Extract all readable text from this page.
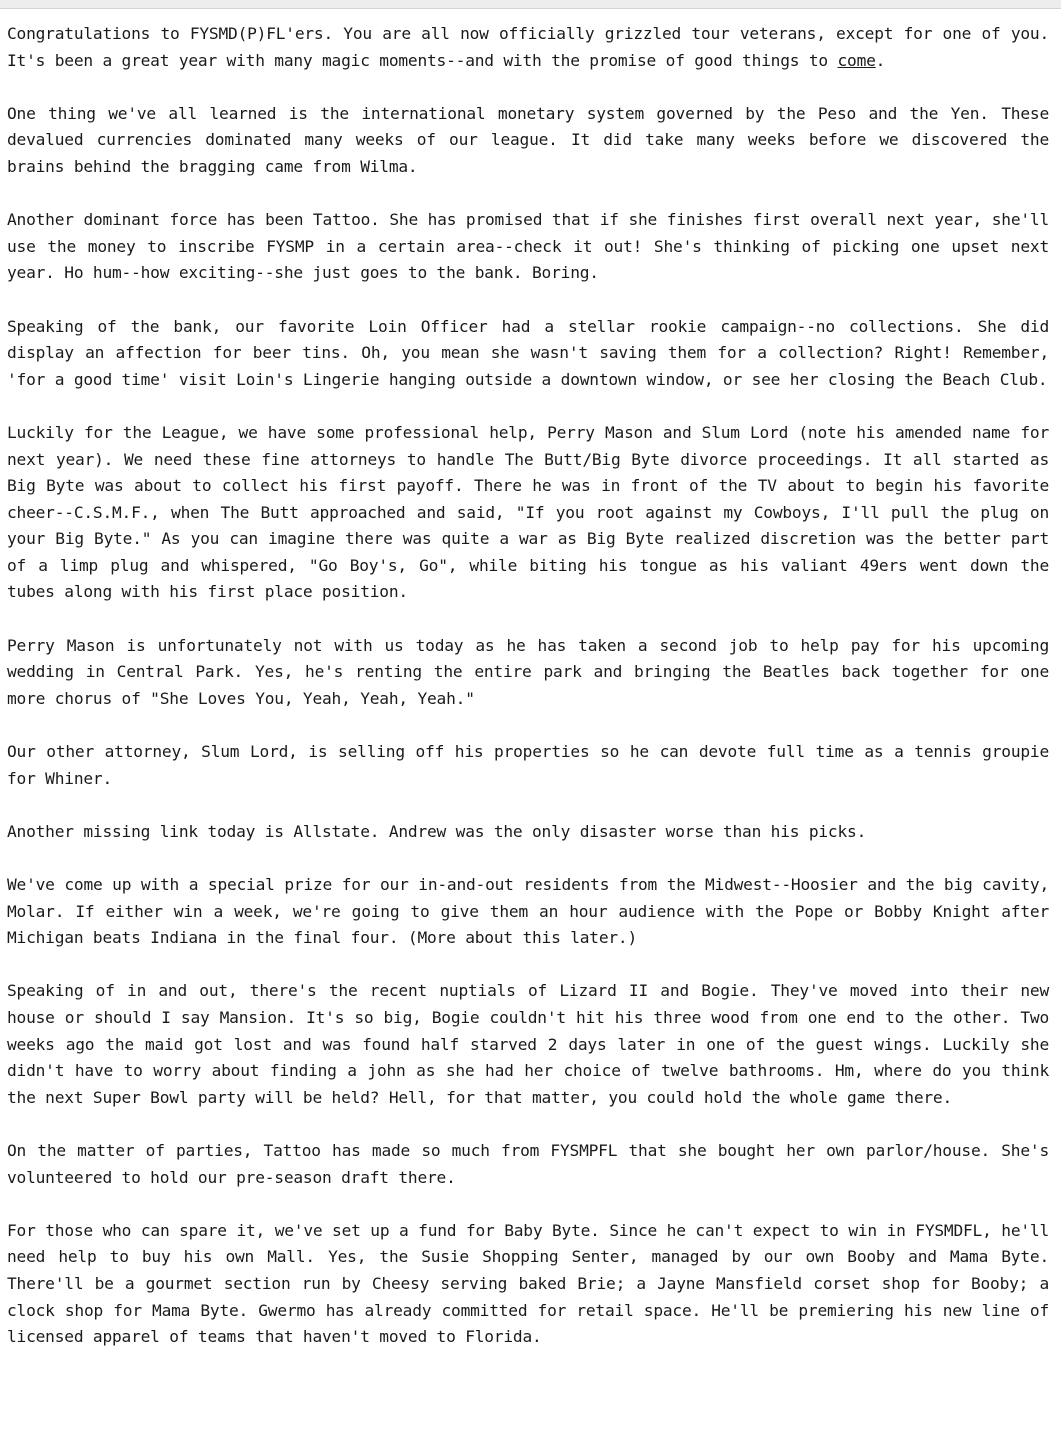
Congratulations to FYSMD(P)FL'ers. You are all now officially grizzled tour veterans, except for one of you. It's been a great year with many magic moments--and with the promise of good things to come.

One thing we've all learned is the international monetary system governed by the Peso and the Yen. These devalued currencies dominated many weeks of our league. It did take many weeks before we discovered the brains behind the bragging came from Wilma.

Another dominant force has been Tattoo. She has promised that if she finishes first overall next year, she'll use the money to inscribe FYSMP in a certain area--check it out! She's thinking of picking one upset next year. Ho hum--how exciting--she just goes to the bank. Boring.

Speaking of the bank, our favorite Loin Officer had a stellar rookie campaign--no collections. She did display an affection for beer tins. Oh, you mean she wasn't saving them for a collection? Right! Remember, 'for a good time' visit Loin's Lingerie hanging outside a downtown window, or see her closing the Beach Club.

Luckily for the League, we have some professional help, Perry Mason and Slum Lord (note his amended name for next year). We need these fine attorneys to handle The Butt/Big Byte divorce proceedings. It all started as Big Byte was about to collect his first payoff. There he was in front of the TV about to begin his favorite cheer--C.S.M.F., when The Butt approached and said, "If you root against my Cowboys, I'll pull the plug on your Big Byte." As you can imagine there was quite a war as Big Byte realized discretion was the better part of a limp plug and whispered, "Go Boy's, Go", while biting his tongue as his valiant 49ers went down the tubes along with his first place position.

Perry Mason is unfortunately not with us today as he has taken a second job to help pay for his upcoming wedding in Central Park. Yes, he's renting the entire park and bringing the Beatles back together for one more chorus of "She Loves You, Yeah, Yeah, Yeah."

Our other attorney, Slum Lord, is selling off his properties so he can devote full time as a tennis groupie for Whiner.

Another missing link today is Allstate. Andrew was the only disaster worse than his picks.

We've come up with a special prize for our in-and-out residents from the Midwest--Hoosier and the big cavity, Molar. If either win a week, we're going to give them an hour audience with the Pope or Bobby Knight after Michigan beats Indiana in the final four. (More about this later.)

Speaking of in and out, there's the recent nuptials of Lizard II and Bogie. They've moved into their new house or should I say Mansion. It's so big, Bogie couldn't hit his three wood from one end to the other. Two weeks ago the maid got lost and was found half starved 2 days later in one of the guest wings. Luckily she didn't have to worry about finding a john as she had her choice of twelve bathrooms. Hm, where do you think the next Super Bowl party will be held? Hell, for that matter, you could hold the whole game there.

On the matter of parties, Tattoo has made so much from FYSMPFL that she bought her own parlor/house. She's volunteered to hold our pre-season draft there.

For those who can spare it, we've set up a fund for Baby Byte. Since he can't expect to win in FYSMDFL, he'll need help to buy his own Mall. Yes, the Susie Shopping Senter, managed by our own Booby and Mama Byte. There'll be a gourmet section run by Cheesy serving baked Brie; a Jayne Mansfield corset shop for Booby; a clock shop for Mama Byte. Gwermo has already committed for retail space. He'll be premiering his new line of licensed apparel of teams that haven't moved to Florida.
